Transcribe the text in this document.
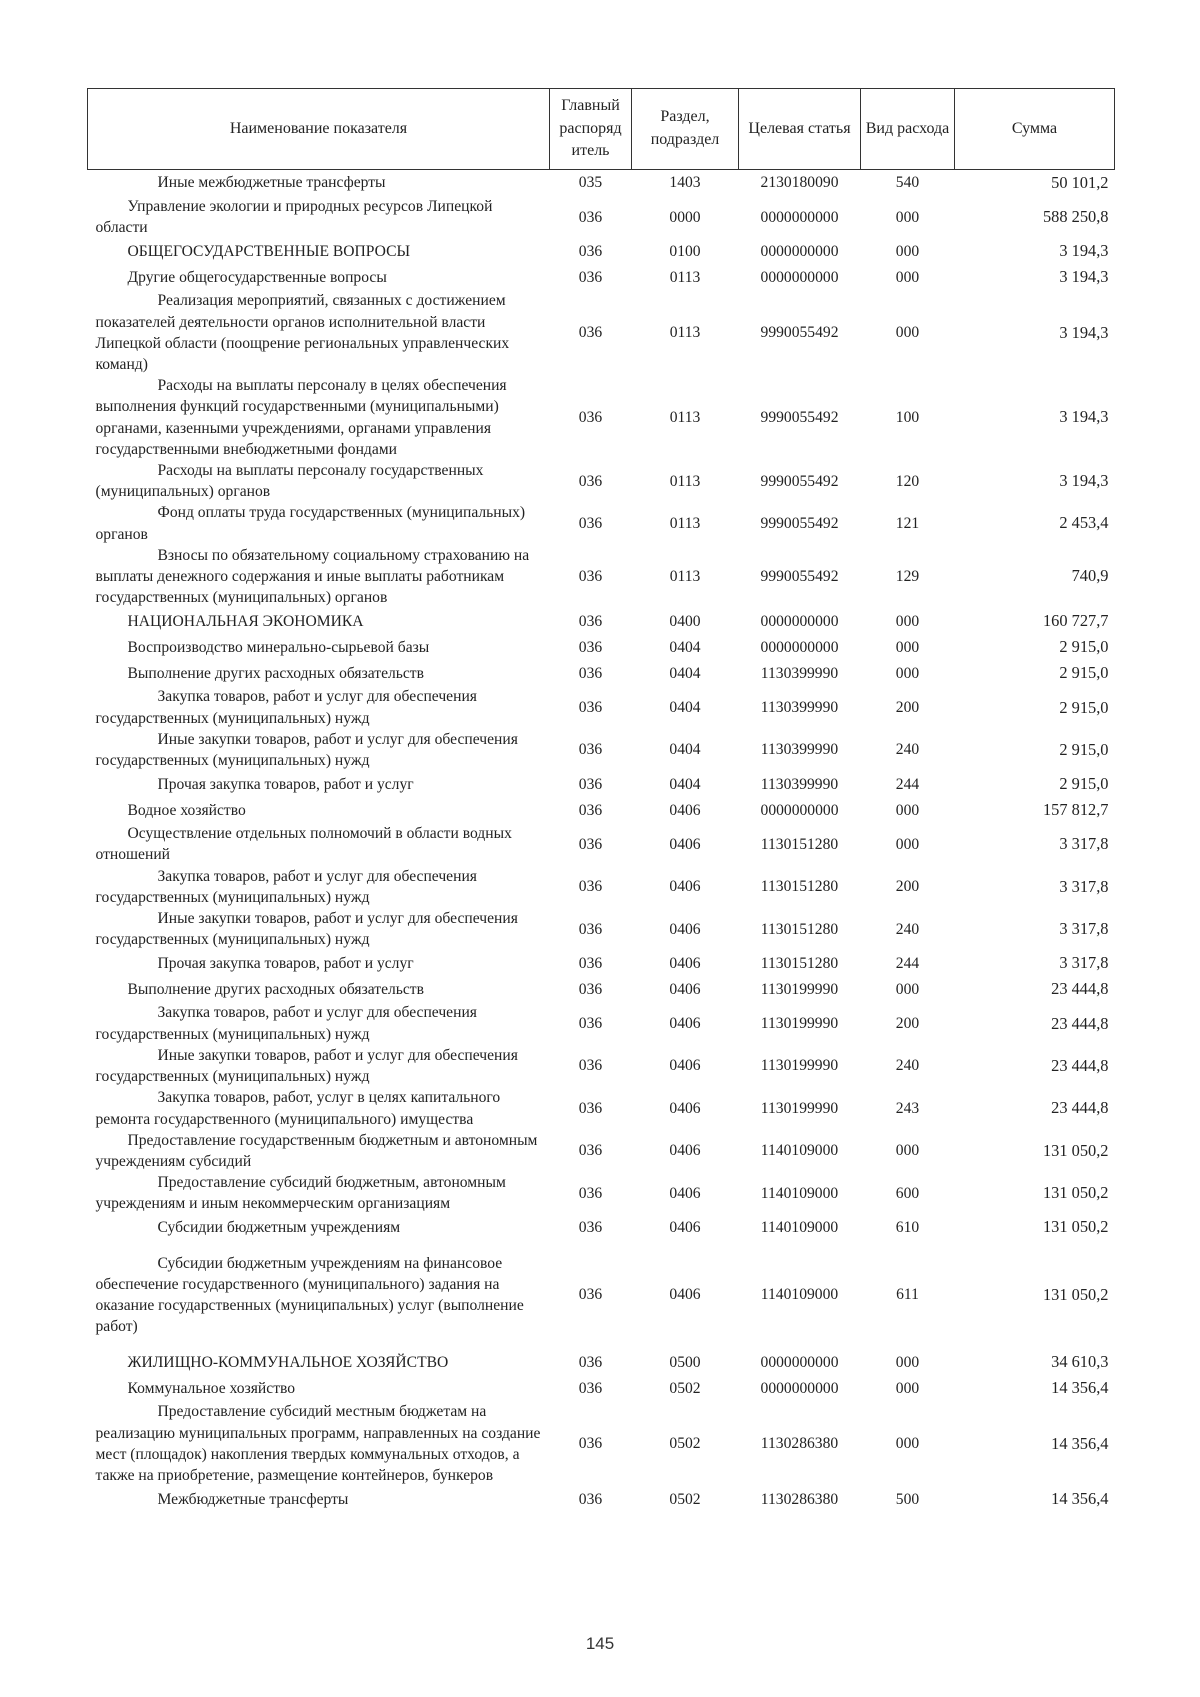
Наименование показателя	Главный распоряд итель	Раздел, подраздел	Целевая статья	Вид расхода	Сумма
Иные межбюджетные трансферты	035	1403	2130180090	540	50 101,2
Управление экологии и природных ресурсов Липецкой области	036	0000	0000000000	000	588 250,8
ОБЩЕГОСУДАРСТВЕННЫЕ ВОПРОСЫ	036	0100	0000000000	000	3 194,3
Другие общегосударственные вопросы	036	0113	0000000000	000	3 194,3
Реализация мероприятий, связанных с достижением показателей деятельности органов исполнительной власти Липецкой области (поощрение региональных управленческих команд)	036	0113	9990055492	000	3 194,3
Расходы на выплаты персоналу в целях обеспечения выполнения функций государственными (муниципальными) органами, казенными учреждениями, органами управления государственными внебюджетными фондами	036	0113	9990055492	100	3 194,3
Расходы на выплаты персоналу государственных (муниципальных) органов	036	0113	9990055492	120	3 194,3
Фонд оплаты труда государственных (муниципальных) органов	036	0113	9990055492	121	2 453,4
Взносы по обязательному социальному страхованию на выплаты денежного содержания и иные выплаты работникам государственных (муниципальных) органов	036	0113	9990055492	129	740,9
НАЦИОНАЛЬНАЯ ЭКОНОМИКА	036	0400	0000000000	000	160 727,7
Воспроизводство минерально-сырьевой базы	036	0404	0000000000	000	2 915,0
Выполнение других расходных обязательств	036	0404	1130399990	000	2 915,0
Закупка товаров, работ и услуг для обеспечения государственных (муниципальных) нужд	036	0404	1130399990	200	2 915,0
Иные закупки товаров, работ и услуг для обеспечения государственных (муниципальных) нужд	036	0404	1130399990	240	2 915,0
Прочая закупка товаров, работ и услуг	036	0404	1130399990	244	2 915,0
Водное хозяйство	036	0406	0000000000	000	157 812,7
Осуществление отдельных полномочий в области водных отношений	036	0406	1130151280	000	3 317,8
Закупка товаров, работ и услуг для обеспечения государственных (муниципальных) нужд	036	0406	1130151280	200	3 317,8
Иные закупки товаров, работ и услуг для обеспечения государственных (муниципальных) нужд	036	0406	1130151280	240	3 317,8
Прочая закупка товаров, работ и услуг	036	0406	1130151280	244	3 317,8
Выполнение других расходных обязательств	036	0406	1130199990	000	23 444,8
Закупка товаров, работ и услуг для обеспечения государственных (муниципальных) нужд	036	0406	1130199990	200	23 444,8
Иные закупки товаров, работ и услуг для обеспечения государственных (муниципальных) нужд	036	0406	1130199990	240	23 444,8
Закупка товаров, работ, услуг в целях капитального ремонта государственного (муниципального) имущества	036	0406	1130199990	243	23 444,8
Предоставление государственным бюджетным и автономным учреждениям субсидий	036	0406	1140109000	000	131 050,2
Предоставление субсидий бюджетным, автономным учреждениям и иным некоммерческим организациям	036	0406	1140109000	600	131 050,2
Субсидии бюджетным учреждениям	036	0406	1140109000	610	131 050,2
Субсидии бюджетным учреждениям на финансовое обеспечение государственного (муниципального) задания на оказание государственных (муниципальных) услуг (выполнение работ)	036	0406	1140109000	611	131 050,2
ЖИЛИЩНО-КОММУНАЛЬНОЕ ХОЗЯЙСТВО	036	0500	0000000000	000	34 610,3
Коммунальное хозяйство	036	0502	0000000000	000	14 356,4
Предоставление субсидий местным бюджетам на реализацию муниципальных программ, направленных на создание мест (площадок) накопления твердых коммунальных отходов, а также на приобретение, размещение контейнеров, бункеров	036	0502	1130286380	000	14 356,4
Межбюджетные трансферты	036	0502	1130286380	500	14 356,4
145
